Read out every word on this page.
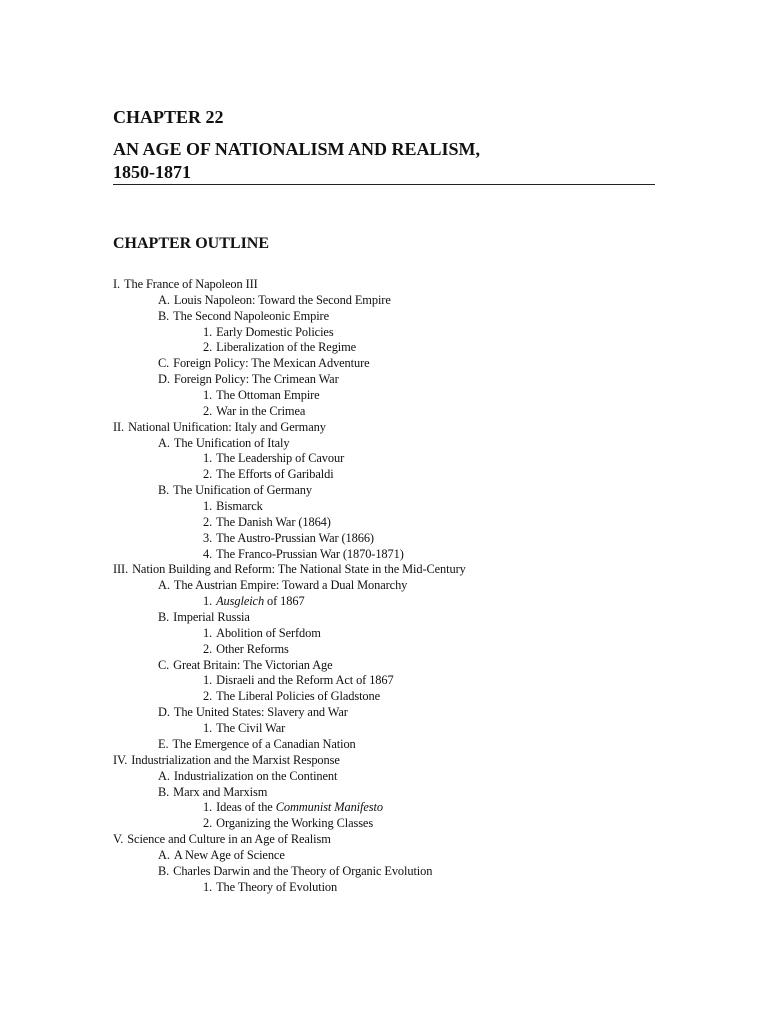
CHAPTER 22
AN AGE OF NATIONALISM AND REALISM,
1850-1871
CHAPTER OUTLINE
I. The France of Napoleon III
A. Louis Napoleon: Toward the Second Empire
B. The Second Napoleonic Empire
1. Early Domestic Policies
2. Liberalization of the Regime
C. Foreign Policy: The Mexican Adventure
D. Foreign Policy: The Crimean War
1. The Ottoman Empire
2. War in the Crimea
II. National Unification: Italy and Germany
A. The Unification of Italy
1. The Leadership of Cavour
2. The Efforts of Garibaldi
B. The Unification of Germany
1. Bismarck
2. The Danish War (1864)
3. The Austro-Prussian War (1866)
4. The Franco-Prussian War (1870-1871)
III. Nation Building and Reform: The National State in the Mid-Century
A. The Austrian Empire: Toward a Dual Monarchy
1. Ausgleich of 1867
B. Imperial Russia
1. Abolition of Serfdom
2. Other Reforms
C. Great Britain: The Victorian Age
1. Disraeli and the Reform Act of 1867
2. The Liberal Policies of Gladstone
D. The United States: Slavery and War
1. The Civil War
E. The Emergence of a Canadian Nation
IV. Industrialization and the Marxist Response
A. Industrialization on the Continent
B. Marx and Marxism
1. Ideas of the Communist Manifesto
2. Organizing the Working Classes
V. Science and Culture in an Age of Realism
A. A New Age of Science
B. Charles Darwin and the Theory of Organic Evolution
1. The Theory of Evolution
